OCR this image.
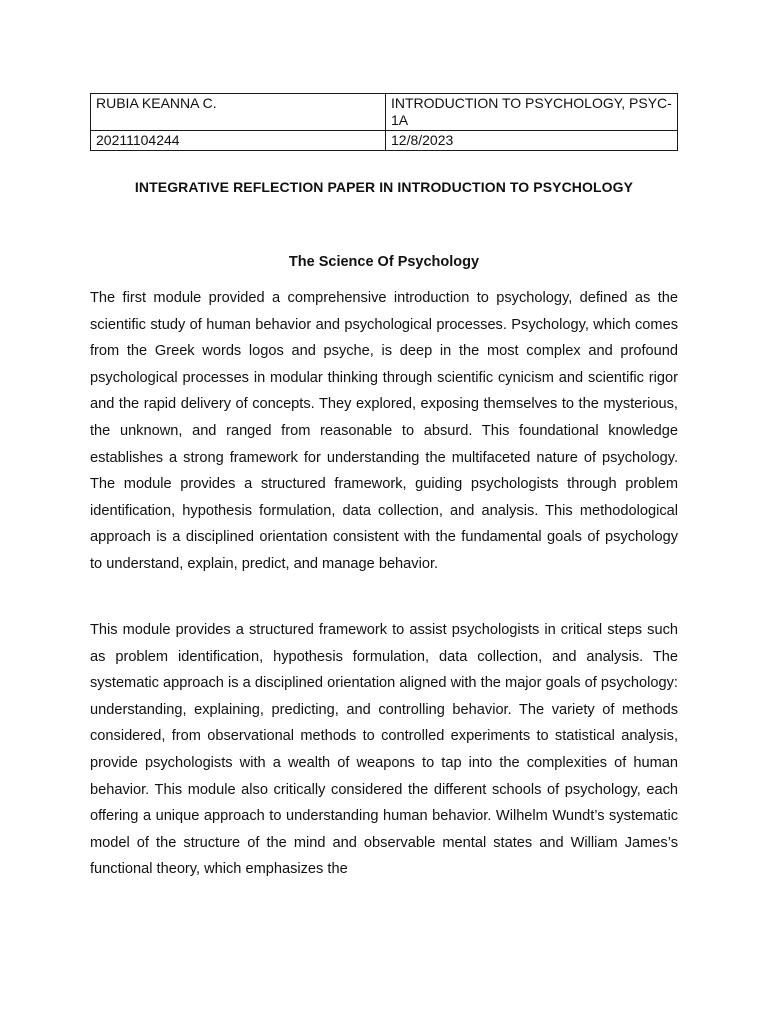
RUBIA KEANNA C.	INTRODUCTION TO PSYCHOLOGY, PSYC-1A
20211104244	12/8/2023
INTEGRATIVE REFLECTION PAPER IN INTRODUCTION TO PSYCHOLOGY
The Science Of Psychology

The first module provided a comprehensive introduction to psychology, defined as the scientific study of human behavior and psychological processes. Psychology, which comes from the Greek words logos and psyche, is deep in the most complex and profound psychological processes in modular thinking through scientific cynicism and scientific rigor and the rapid delivery of concepts. They explored, exposing themselves to the mysterious, the unknown, and ranged from reasonable to absurd. This foundational knowledge establishes a strong framework for understanding the multifaceted nature of psychology. The module provides a structured framework, guiding psychologists through problem identification, hypothesis formulation, data collection, and analysis. This methodological approach is a disciplined orientation consistent with the fundamental goals of psychology to understand, explain, predict, and manage behavior.

This module provides a structured framework to assist psychologists in critical steps such as problem identification, hypothesis formulation, data collection, and analysis. The systematic approach is a disciplined orientation aligned with the major goals of psychology: understanding, explaining, predicting, and controlling behavior. The variety of methods considered, from observational methods to controlled experiments to statistical analysis, provide psychologists with a wealth of weapons to tap into the complexities of human behavior. This module also critically considered the different schools of psychology, each offering a unique approach to understanding human behavior. Wilhelm Wundt’s systematic model of the structure of the mind and observable mental states and William James’s functional theory, which emphasizes the
